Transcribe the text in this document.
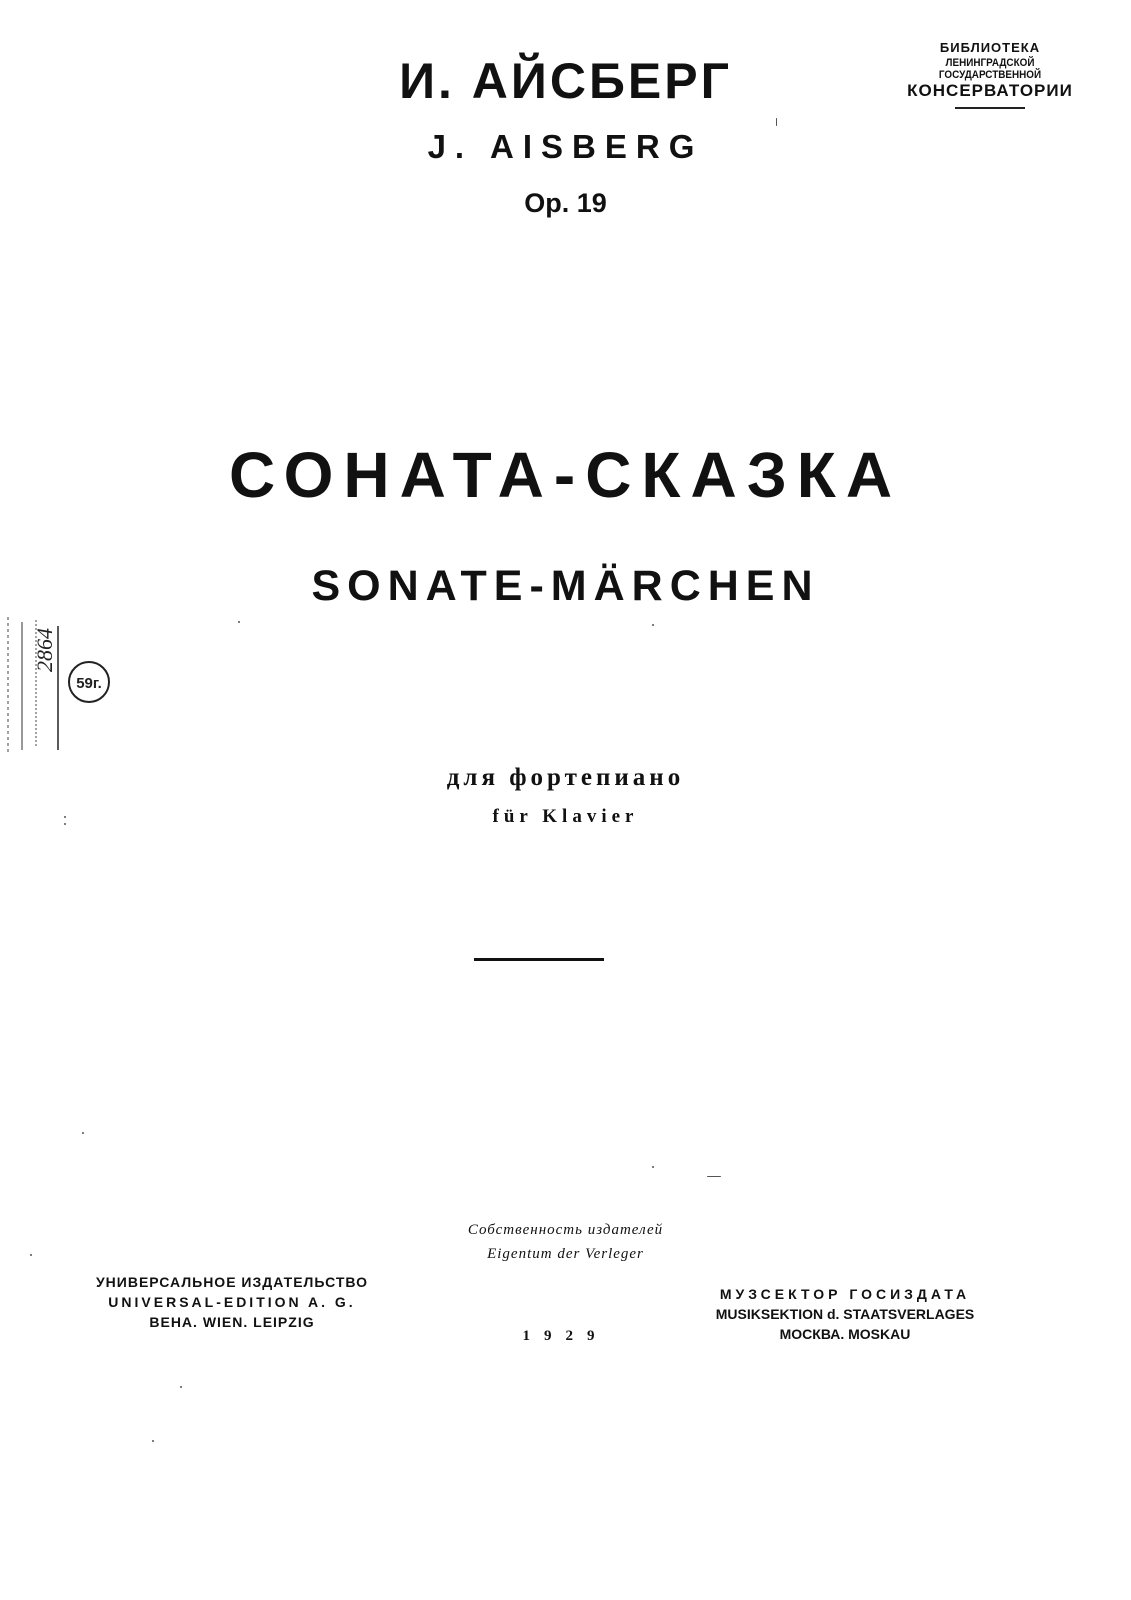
БИБЛИОТЕКА
ЛЕНИНГРАДСКОЙ ГОСУДАРСТВЕННОЙ
КОНСЕРВАТОРИИ
И. АЙСБЕРГ
J. AISBERG
Op. 19
СОНАТА-СКАЗКА
SONATE-MÄRCHEN
2864
59г.
для фортепиано
für Klavier
Собственность издателей
Eigentum der Verleger
УНИВЕРСАЛЬНОЕ ИЗДАТЕЛЬСТВО
UNIVERSAL-EDITION A. G.
ВЕНА. WIEN. LEIPZIG
1929
МУЗСЕКТОР ГОСИЗДАТА
MUSIKSEKTION d. STAATSVERLAGES
МОСКВА. MOSKAU
